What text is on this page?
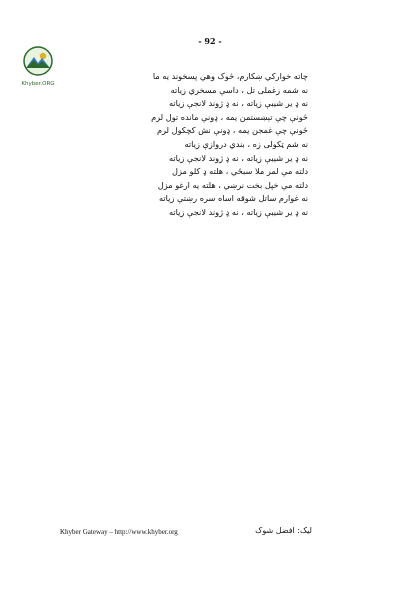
Khyber.ORG
- 92 -
چاته خوارکي ښکارم، څوک وهي پسخوند يه ما
نه شمه زغملی تل ، داسې مسخري زياته
نه ډ ير شيبې زياته ، نه ډ ژوند لانجې زياته
څونې چې تېښستمن يمه ، ډونې مانده تول لرم
څونې چې غمجن يمه ، ډونې نش کچکول لرم
نه شم ټکولی زه ، بندي دروازې زياته
نه ډ ير شيبې زياته ، نه ډ ژوند لانجې زياته
دلته مې لمر ملا سبځي ، هلته ډ کلو مزل
دلته مې خپل بخت نرښي ، هلته يه ارغو مزل
نه غوارم ساتل شوقه اساه سره رښتې زياته
نه ډ ير شيبې زياته ، نه ډ ژوند لانجې زياته
Khyber Gateway – http://www.khyber.org	ليک: افضل شوک
